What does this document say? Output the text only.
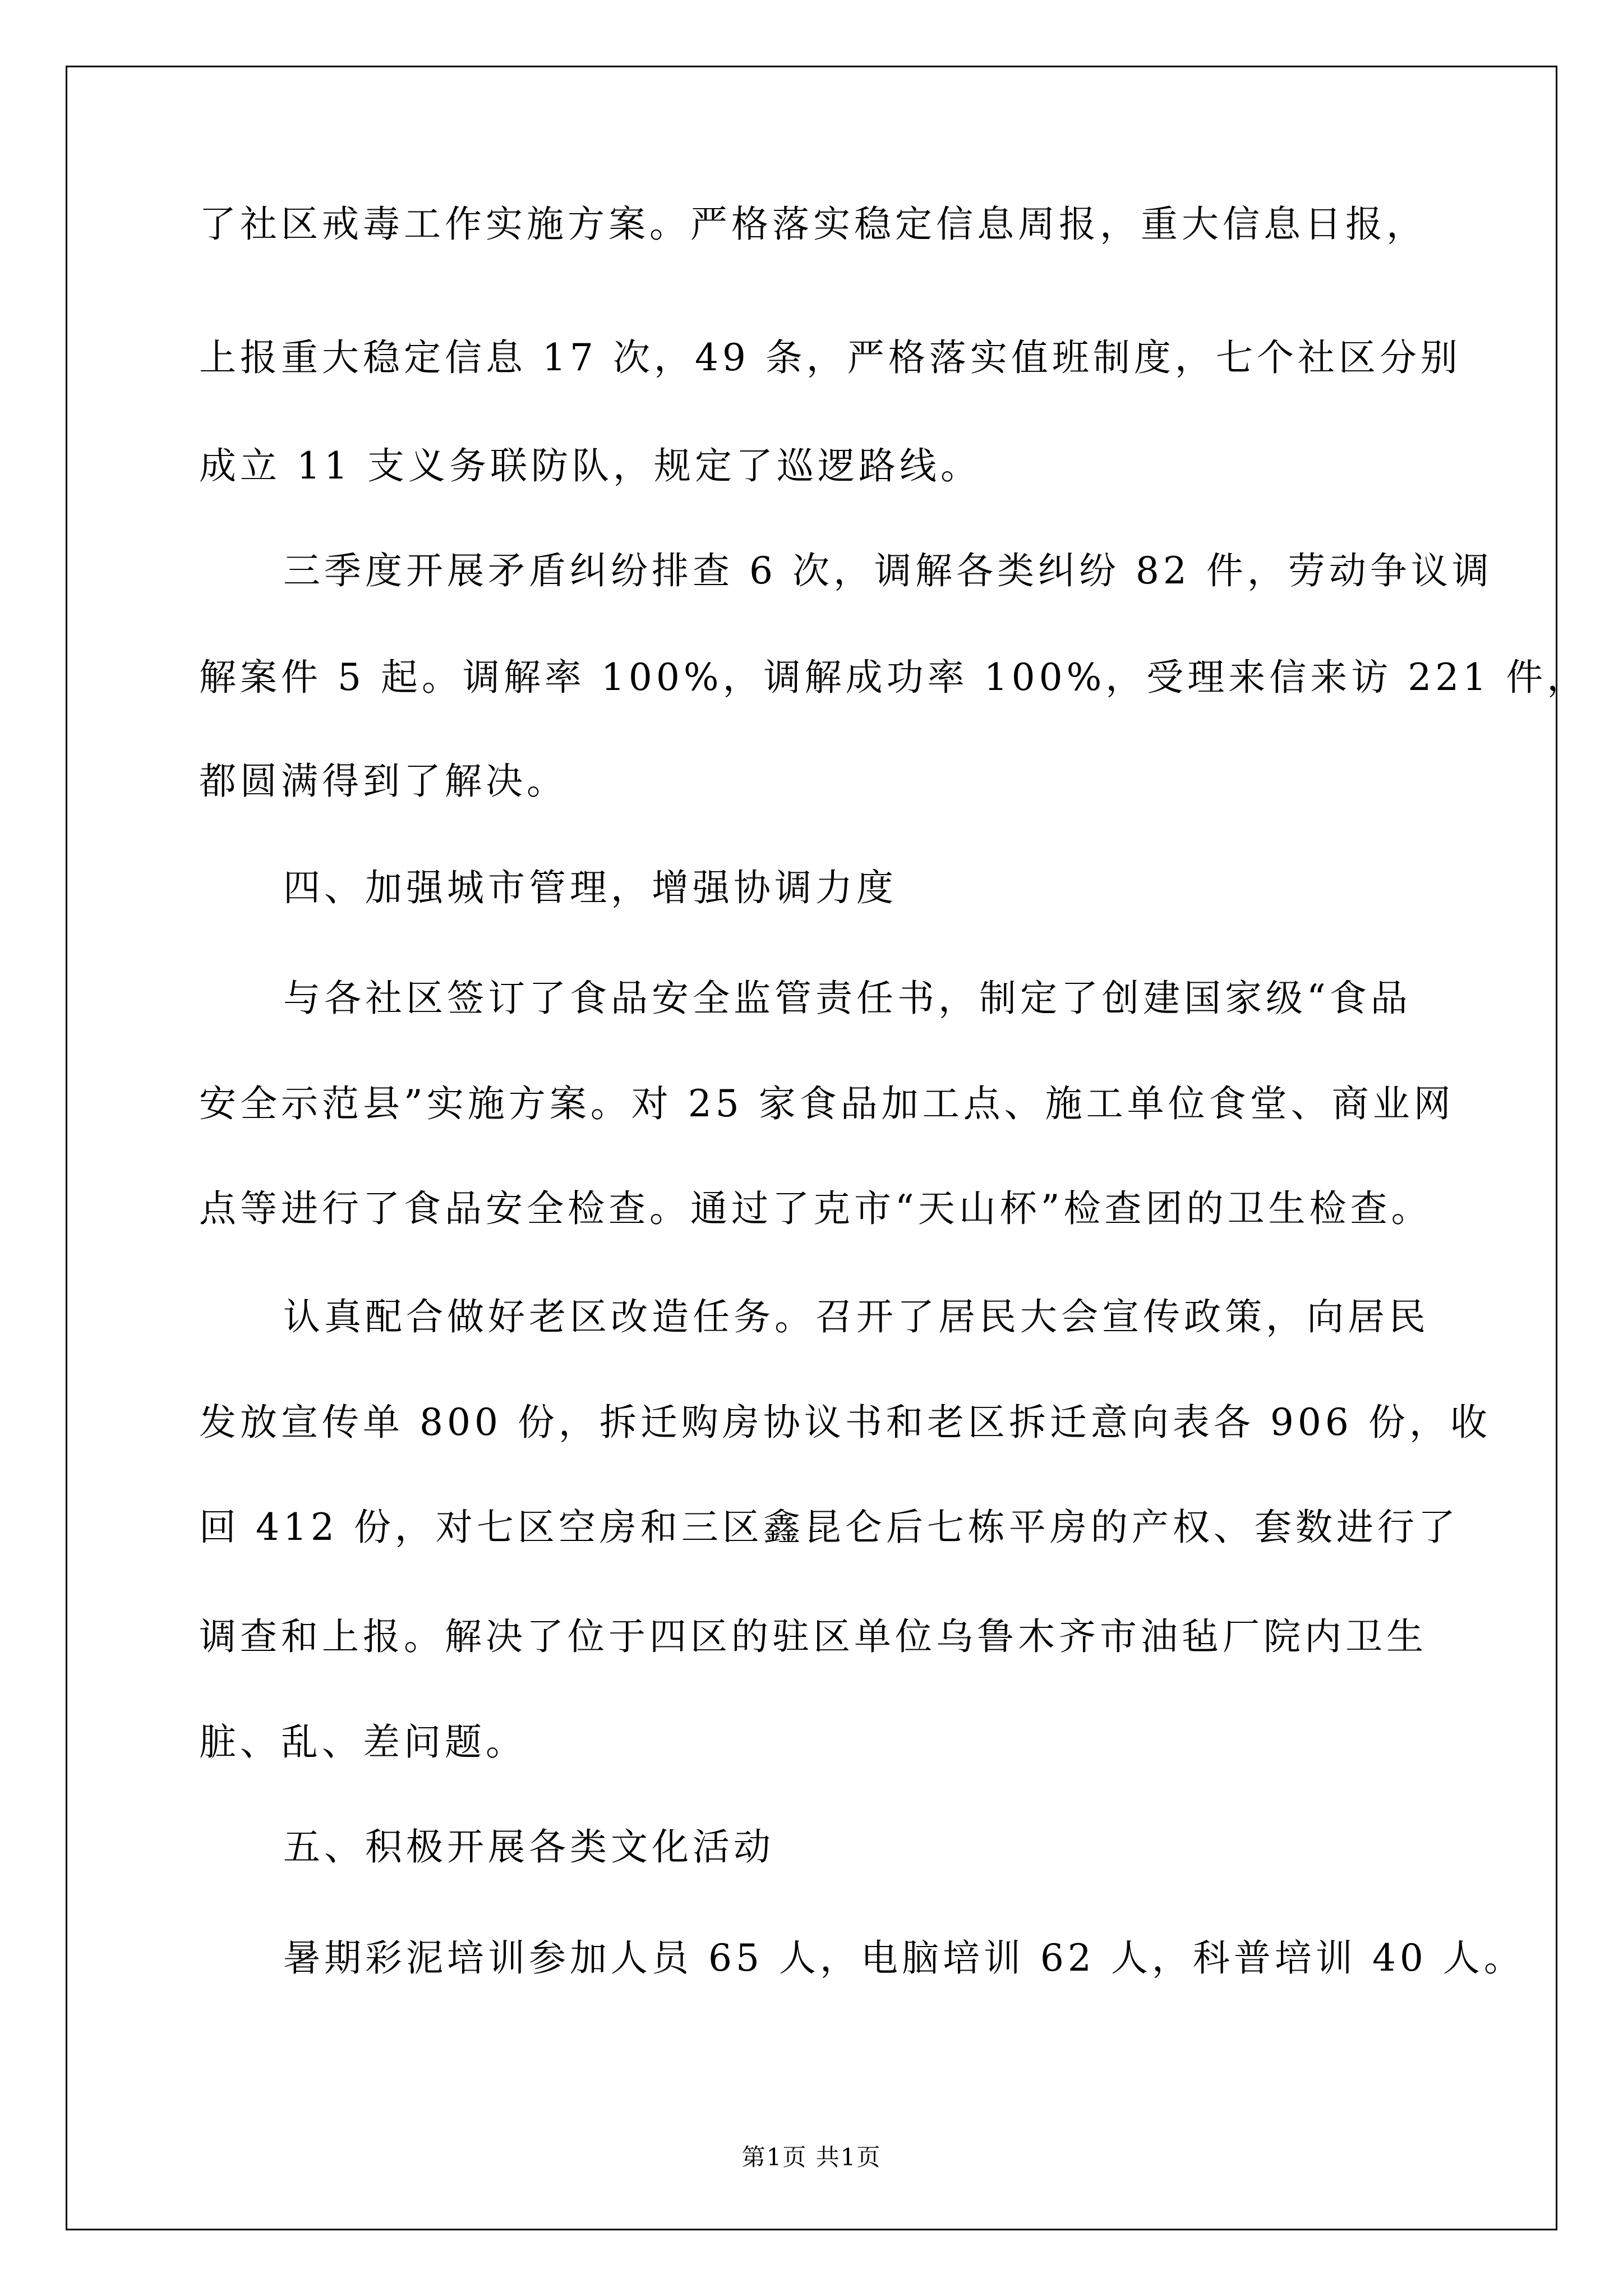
了社区戒毒工作实施方案。严格落实稳定信息周报，重大信息日报，
上报重大稳定信息 17 次，49 条，严格落实值班制度，七个社区分别
成立 11 支义务联防队，规定了巡逻路线。
三季度开展矛盾纠纷排查 6 次，调解各类纠纷 82 件，劳动争议调
解案件 5 起。调解率 100%，调解成功率 100%，受理来信来访 221 件，
都圆满得到了解决。
四、加强城市管理，增强协调力度
与各社区签订了食品安全监管责任书，制定了创建国家级“食品
安全示范县”实施方案。对 25 家食品加工点、施工单位食堂、商业网
点等进行了食品安全检查。通过了克市“天山杯”检查团的卫生检查。
认真配合做好老区改造任务。召开了居民大会宣传政策，向居民
发放宣传单 800 份，拆迁购房协议书和老区拆迁意向表各 906 份，收
回 412 份，对七区空房和三区鑫昆仑后七栋平房的产权、套数进行了
调查和上报。解决了位于四区的驻区单位乌鲁木齐市油毡厂院内卫生
脏、乱、差问题。
五、积极开展各类文化活动
暑期彩泥培训参加人员 65 人，电脑培训 62 人，科普培训 40 人。
第1页 共1页
